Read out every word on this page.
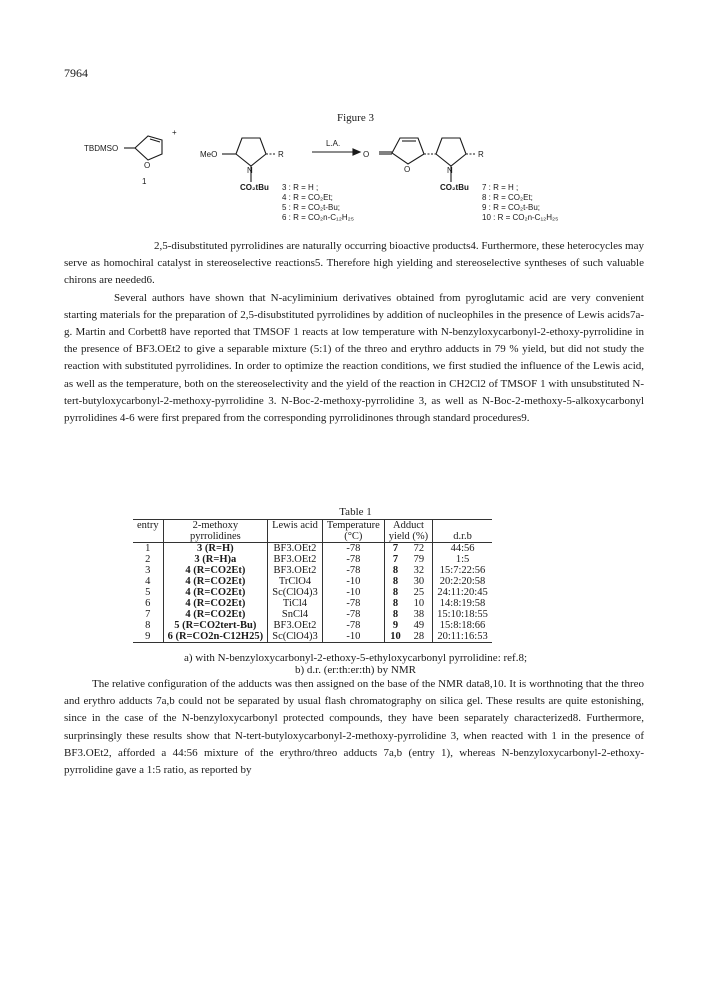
7964
Figure 3
TBDMSO
O
+
1
MeO
N
R
CO₂tBu
L.A.
O
O	N
R
CO₂tBu
3 : R = H ;
4 : R = CO₂Et;
5 : R = CO₂t-Bu;
6 : R = CO₂n-C₁₂H₂₅
7 : R = H ;
8 : R = CO₂Et;
9 : R = CO₂t-Bu;
10 : R = CO₂n-C₁₂H₂₅

2,5-disubstituted pyrrolidines are naturally occurring bioactive products4. Furthermore, these heterocycles may serve as homochiral catalyst in stereoselective reactions5. Therefore high yielding and stereoselective syntheses of such valuable chirons are needed6.

Several authors have shown that N-acyliminium derivatives obtained from pyroglutamic acid are very convenient starting materials for the preparation of 2,5-disubstituted pyrrolidines by addition of nucleophiles in the presence of Lewis acids7a-g. Martin and Corbett8 have reported that TMSOF 1 reacts at low temperature with N-benzyloxycarbonyl-2-ethoxy-pyrrolidine in the presence of BF3.OEt2 to give a separable mixture (5:1) of the threo and erythro adducts in 79 % yield, but did not study the reaction with substituted pyrrolidines. In order to optimize the reaction conditions, we first studied the influence of the Lewis acid, as well as the temperature, both on the stereoselectivity and the yield of the reaction in CH2Cl2 of TMSOF 1 with unsubstituted N-tert-butyloxycarbonyl-2-methoxy-pyrrolidine 3. N-Boc-2-methoxy-pyrrolidine 3, as well as N-Boc-2-methoxy-5-alkoxycarbonyl pyrrolidines 4-6 were first prepared from the corresponding pyrrolidinones through standard procedures9.

Table 1
entry	2-methoxy	Lewis acid	Temperature	Adduct		
	pyrrolidines		(°C)	yield (%)		d.r.b
1	3 (R=H)	BF3.OEt2	-78	7	72	44:56
2	3 (R=H)a	BF3.OEt2	-78	7	79	1:5
3	4 (R=CO2Et)	BF3.OEt2	-78	8	32	15:7:22:56
4	4 (R=CO2Et)	TrClO4	-10	8	30	20:2:20:58
5	4 (R=CO2Et)	Sc(ClO4)3	-10	8	25	24:11:20:45
6	4 (R=CO2Et)	TiCl4	-78	8	10	14:8:19:58
7	4 (R=CO2Et)	SnCl4	-78	8	38	15:10:18:55
8	5 (R=CO2tert-Bu)	BF3.OEt2	-78	9	49	15:8:18:66
9	6 (R=CO2n-C12H25)	Sc(ClO4)3	-10	10	28	20:11:16:53
a) with N-benzyloxycarbonyl-2-ethoxy-5-ethyloxycarbonyl pyrrolidine: ref.8;
b) d.r. (er:th:er:th) by NMR

The relative configuration of the adducts was then assigned on the base of the NMR data8,10. It is worthnoting that the threo and erythro adducts 7a,b could not be separated by usual flash chromatography on silica gel. These results are quite estonishing, since in the case of the N-benzyloxycarbonyl protected compounds, they have been separately characterized8. Furthermore, surprinsingly these results show that N-tert-butyloxycarbonyl-2-methoxy-pyrrolidine 3, when reacted with 1 in the presence of BF3.OEt2, afforded a 44:56 mixture of the erythro/threo adducts 7a,b (entry 1), whereas N-benzyloxycarbonyl-2-ethoxy-pyrrolidine gave a 1:5 ratio, as reported by
